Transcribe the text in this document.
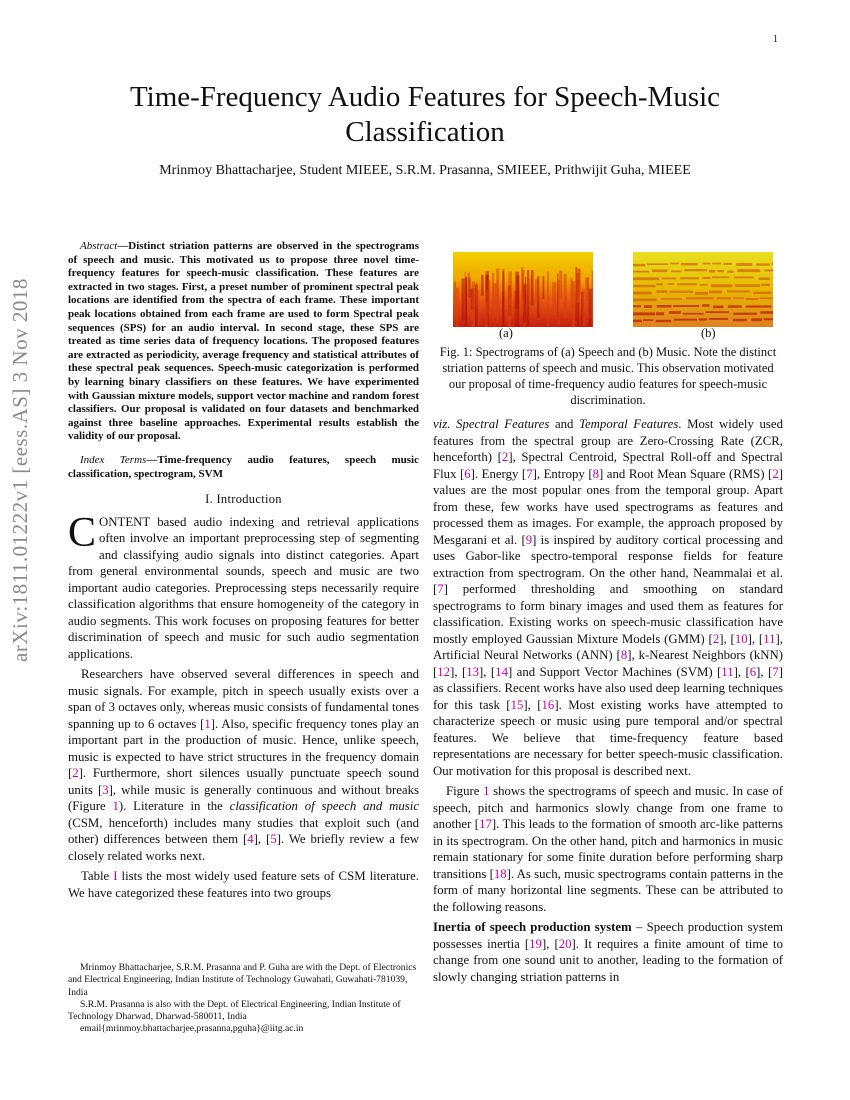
1
arXiv:1811.01222v1 [eess.AS] 3 Nov 2018
Time-Frequency Audio Features for Speech-Music Classification
Mrinmoy Bhattacharjee, Student MIEEE, S.R.M. Prasanna, SMIEEE, Prithwijit Guha, MIEEE

Abstract—Distinct striation patterns are observed in the spectrograms of speech and music. This motivated us to propose three novel time-frequency features for speech-music classification. These features are extracted in two stages. First, a preset number of prominent spectral peak locations are identified from the spectra of each frame. These important peak locations obtained from each frame are used to form Spectral peak sequences (SPS) for an audio interval. In second stage, these SPS are treated as time series data of frequency locations. The proposed features are extracted as periodicity, average frequency and statistical attributes of these spectral peak sequences. Speech-music categorization is performed by learning binary classifiers on these features. We have experimented with Gaussian mixture models, support vector machine and random forest classifiers. Our proposal is validated on four datasets and benchmarked against three baseline approaches. Experimental results establish the validity of our proposal.

Index Terms—Time-frequency audio features, speech music classification, spectrogram, SVM

I. Introduction

CONTENT based audio indexing and retrieval applications often involve an important preprocessing step of segmenting and classifying audio signals into distinct categories. Apart from general environmental sounds, speech and music are two important audio categories. Preprocessing steps necessarily require classification algorithms that ensure homogeneity of the category in audio segments. This work focuses on proposing features for better discrimination of speech and music for such audio segmentation applications.

Researchers have observed several differences in speech and music signals. For example, pitch in speech usually exists over a span of 3 octaves only, whereas music consists of fundamental tones spanning up to 6 octaves [1]. Also, specific frequency tones play an important part in the production of music. Hence, unlike speech, music is expected to have strict structures in the frequency domain [2]. Furthermore, short silences usually punctuate speech sound units [3], while music is generally continuous and without breaks (Figure 1). Literature in the classification of speech and music (CSM, henceforth) includes many studies that exploit such (and other) differences between them [4], [5]. We briefly review a few closely related works next.

Table I lists the most widely used feature sets of CSM literature. We have categorized these features into two groups

Mrinmoy Bhattacharjee, S.R.M. Prasanna and P. Guha are with the Dept. of Electronics and Electrical Engineering, Indian Institute of Technology Guwahati, Guwahati-781039, India

S.R.M. Prasanna is also with the Dept. of Electrical Engineering, Indian Institute of Technology Dharwad, Dharwad-580011, India

email{mrinmoy.bhattacharjee,prasanna,pguha}@iitg.ac.in

(a)	(b)
Fig. 1: Spectrograms of (a) Speech and (b) Music. Note the distinct striation patterns of speech and music. This observation motivated our proposal of time-frequency audio features for speech-music discrimination.

viz. Spectral Features and Temporal Features. Most widely used features from the spectral group are Zero-Crossing Rate (ZCR, henceforth) [2], Spectral Centroid, Spectral Roll-off and Spectral Flux [6]. Energy [7], Entropy [8] and Root Mean Square (RMS) [2] values are the most popular ones from the temporal group. Apart from these, few works have used spectrograms as features and processed them as images. For example, the approach proposed by Mesgarani et al. [9] is inspired by auditory cortical processing and uses Gabor-like spectro-temporal response fields for feature extraction from spectrogram. On the other hand, Neammalai et al. [7] performed thresholding and smoothing on standard spectrograms to form binary images and used them as features for classification. Existing works on speech-music classification have mostly employed Gaussian Mixture Models (GMM) [2], [10], [11], Artificial Neural Networks (ANN) [8], k-Nearest Neighbors (kNN) [12], [13], [14] and Support Vector Machines (SVM) [11], [6], [7] as classifiers. Recent works have also used deep learning techniques for this task [15], [16]. Most existing works have attempted to characterize speech or music using pure temporal and/or spectral features. We believe that time-frequency feature based representations are necessary for better speech-music classification. Our motivation for this proposal is described next.

Figure 1 shows the spectrograms of speech and music. In case of speech, pitch and harmonics slowly change from one frame to another [17]. This leads to the formation of smooth arc-like patterns in its spectrogram. On the other hand, pitch and harmonics in music remain stationary for some finite duration before performing sharp transitions [18]. As such, music spectrograms contain patterns in the form of many horizontal line segments. These can be attributed to the following reasons.

Inertia of speech production system – Speech production system possesses inertia [19], [20]. It requires a finite amount of time to change from one sound unit to another, leading to the formation of slowly changing striation patterns in
